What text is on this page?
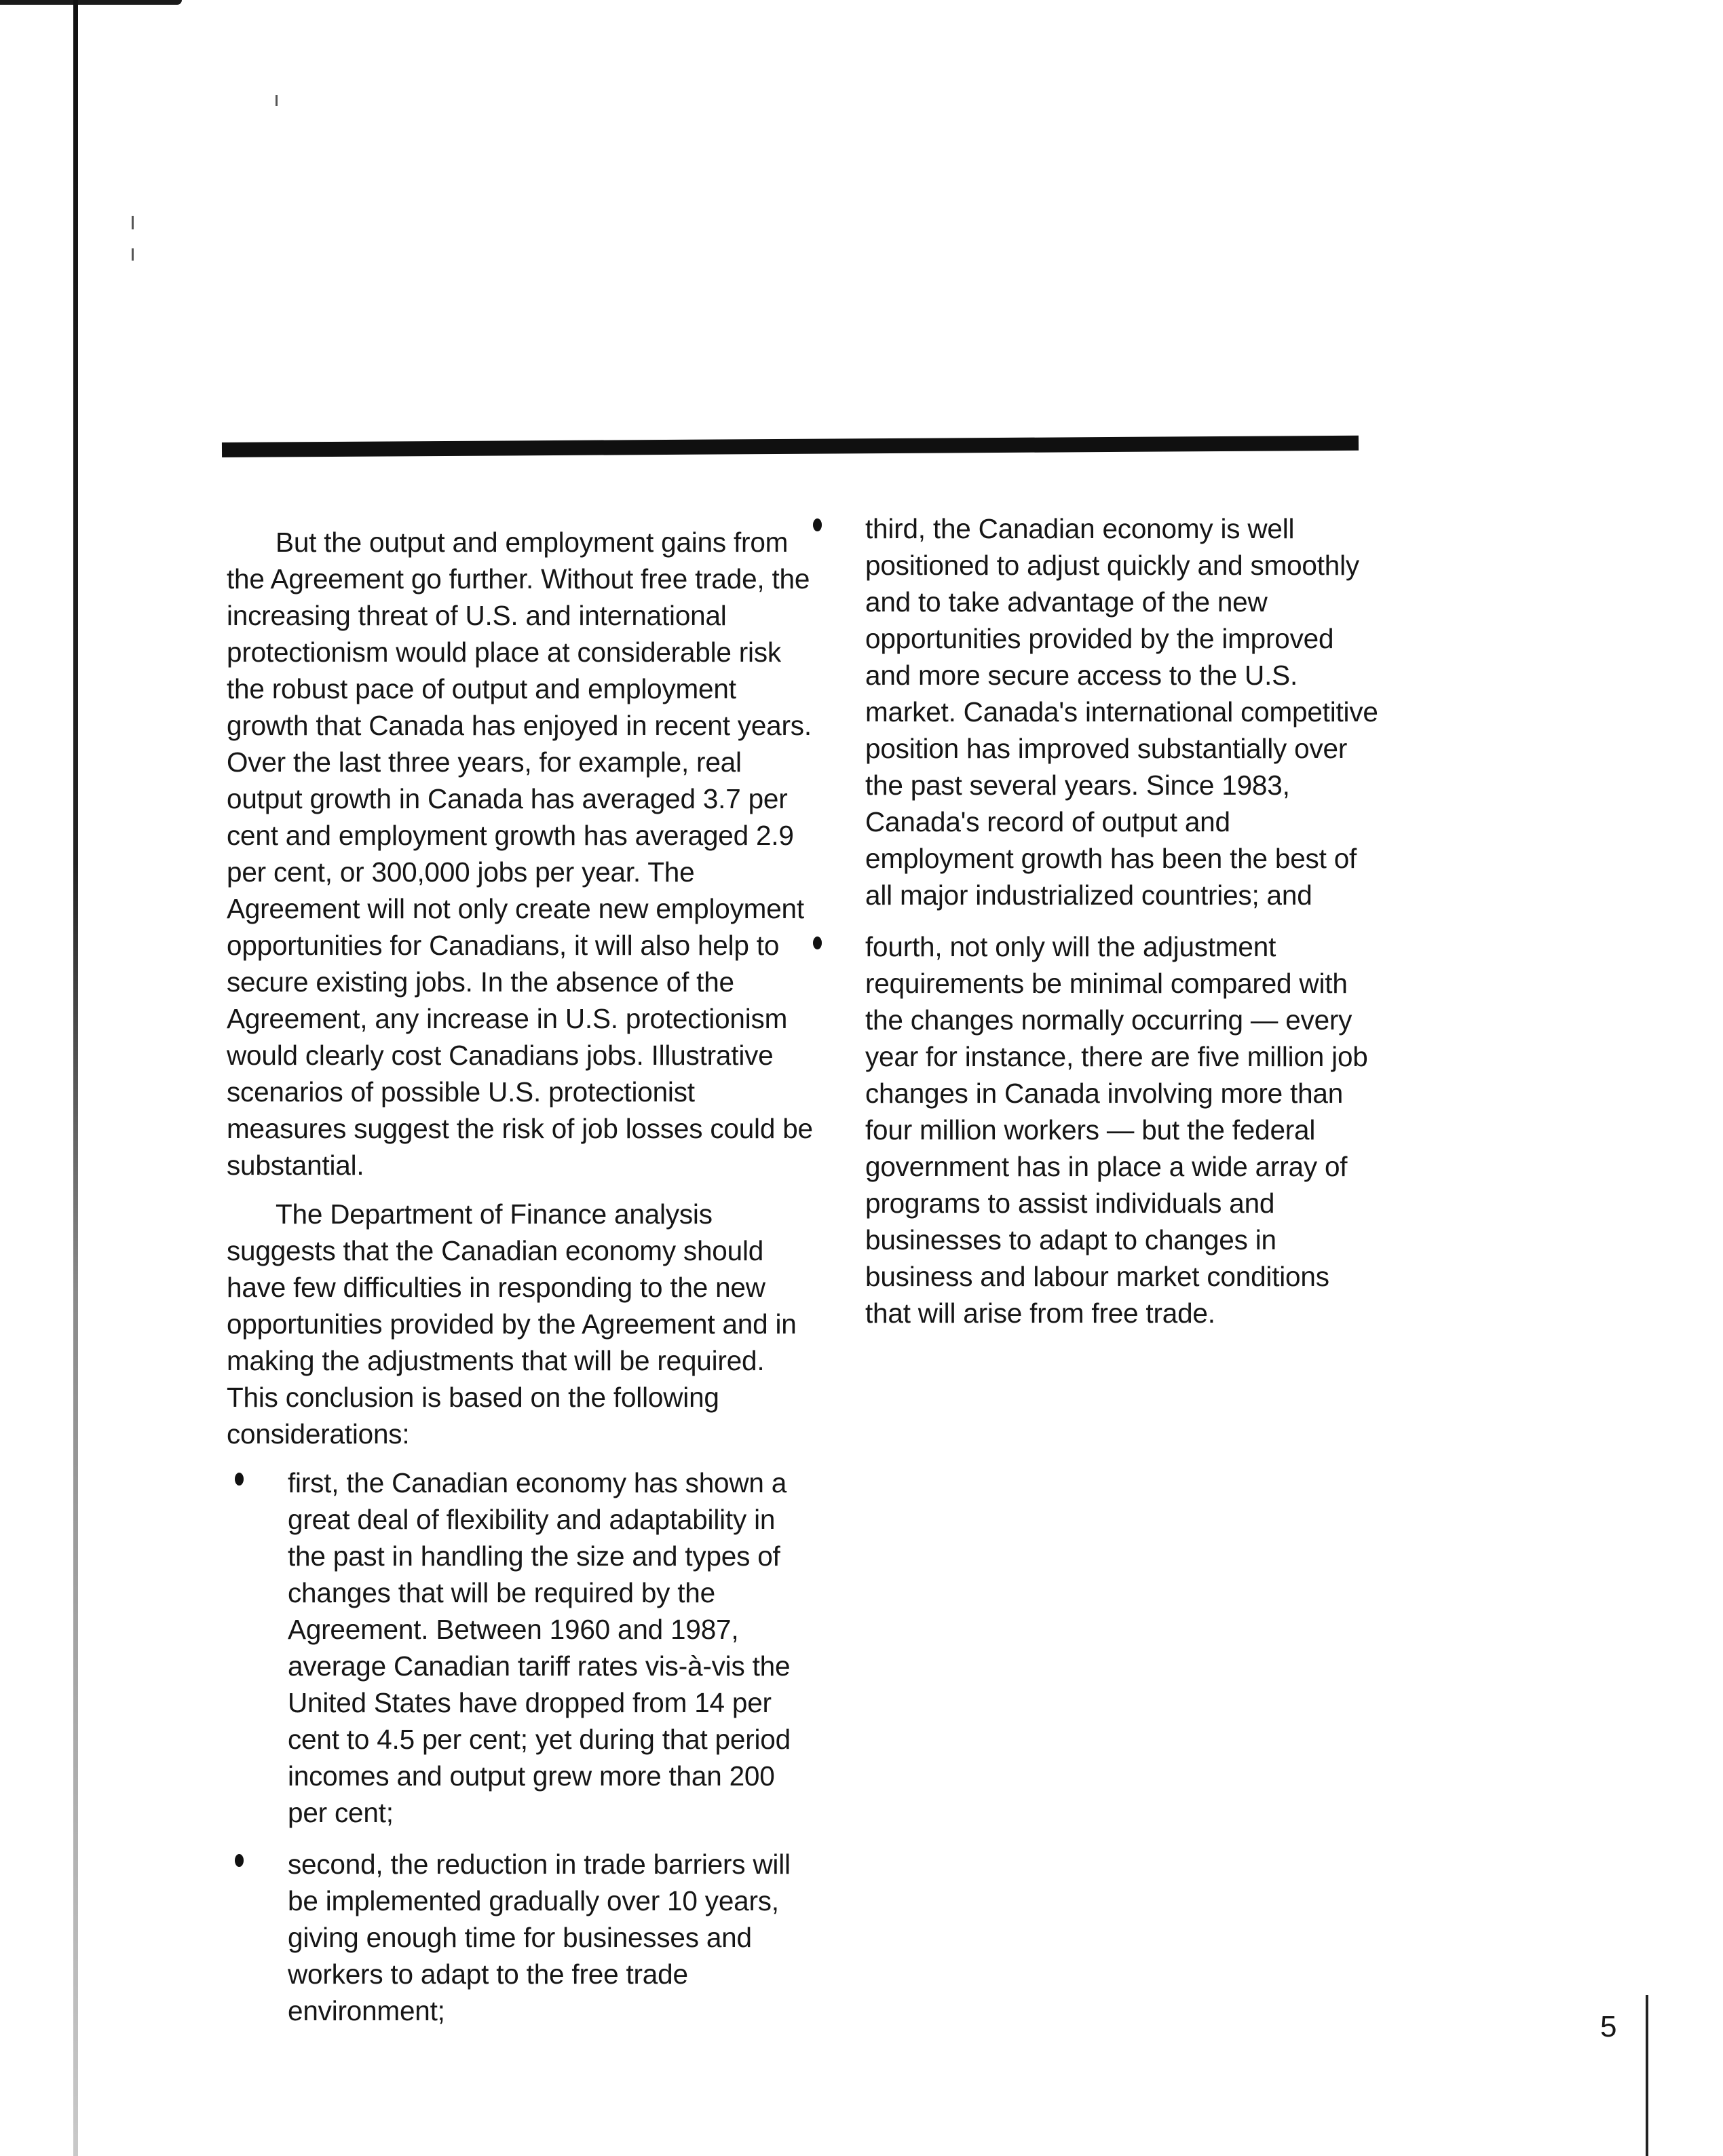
But the output and employment gains from the Agreement go further. Without free trade, the increasing threat of U.S. and international protectionism would place at considerable risk the robust pace of output and employment growth that Canada has enjoyed in recent years. Over the last three years, for example, real output growth in Canada has averaged 3.7 per cent and employment growth has averaged 2.9 per cent, or 300,000 jobs per year. The Agreement will not only create new employment opportunities for Canadians, it will also help to secure existing jobs. In the absence of the Agreement, any increase in U.S. protectionism would clearly cost Canadians jobs. Illustrative scenarios of possible U.S. protectionist measures suggest the risk of job losses could be substantial.

The Department of Finance analysis suggests that the Canadian economy should have few difficulties in responding to the new opportunities provided by the Agreement and in making the adjustments that will be required. This conclusion is based on the following considerations:

first, the Canadian economy has shown a great deal of flexibility and adaptability in the past in handling the size and types of changes that will be required by the Agreement. Between 1960 and 1987, average Canadian tariff rates vis-à-vis the United States have dropped from 14 per cent to 4.5 per cent; yet during that period incomes and output grew more than 200 per cent;
second, the reduction in trade barriers will be implemented gradually over 10 years, giving enough time for businesses and workers to adapt to the free trade environment;
third, the Canadian economy is well positioned to adjust quickly and smoothly and to take advantage of the new opportunities provided by the improved and more secure access to the U.S. market. Canada's international competitive position has improved substantially over the past several years. Since 1983, Canada's record of output and employment growth has been the best of all major industrialized countries; and
fourth, not only will the adjustment requirements be minimal compared with the changes normally occurring — every year for instance, there are five million job changes in Canada involving more than four million workers — but the federal government has in place a wide array of programs to assist individuals and businesses to adapt to changes in business and labour market conditions that will arise from free trade.
5
